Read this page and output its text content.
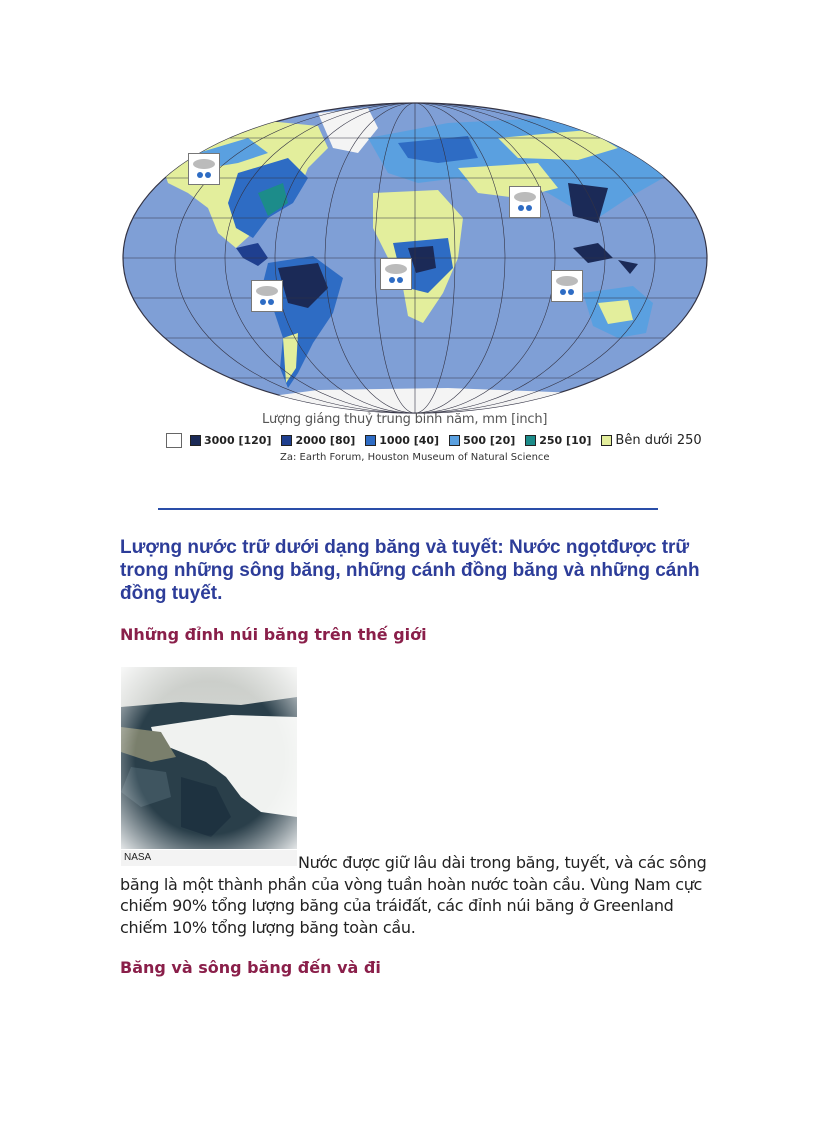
Lượng giáng thuỷ trung bình năm, mm [inch]
3000 [120] 2000 [80] 1000 [40] 500 [20] 250 [10] Bên dưới 250
Za: Earth Forum, Houston Museum of Natural Science
Lượng nước trữ dưới dạng băng và tuyết: Nước ngọtđược trữ trong những sông băng, những cánh đồng băng và những cánh đồng tuyết.
Những đỉnh núi băng trên thế giới
NASA	Nước được giữ lâu dài trong băng, tuyết, và các sông băng là một thành phần của vòng tuần hoàn nước toàn cầu. Vùng Nam cực chiếm 90% tổng lượng băng của tráiđất, các đỉnh núi băng ở Greenland chiếm 10% tổng lượng băng toàn cầu.
Băng và sông băng đến và đi
